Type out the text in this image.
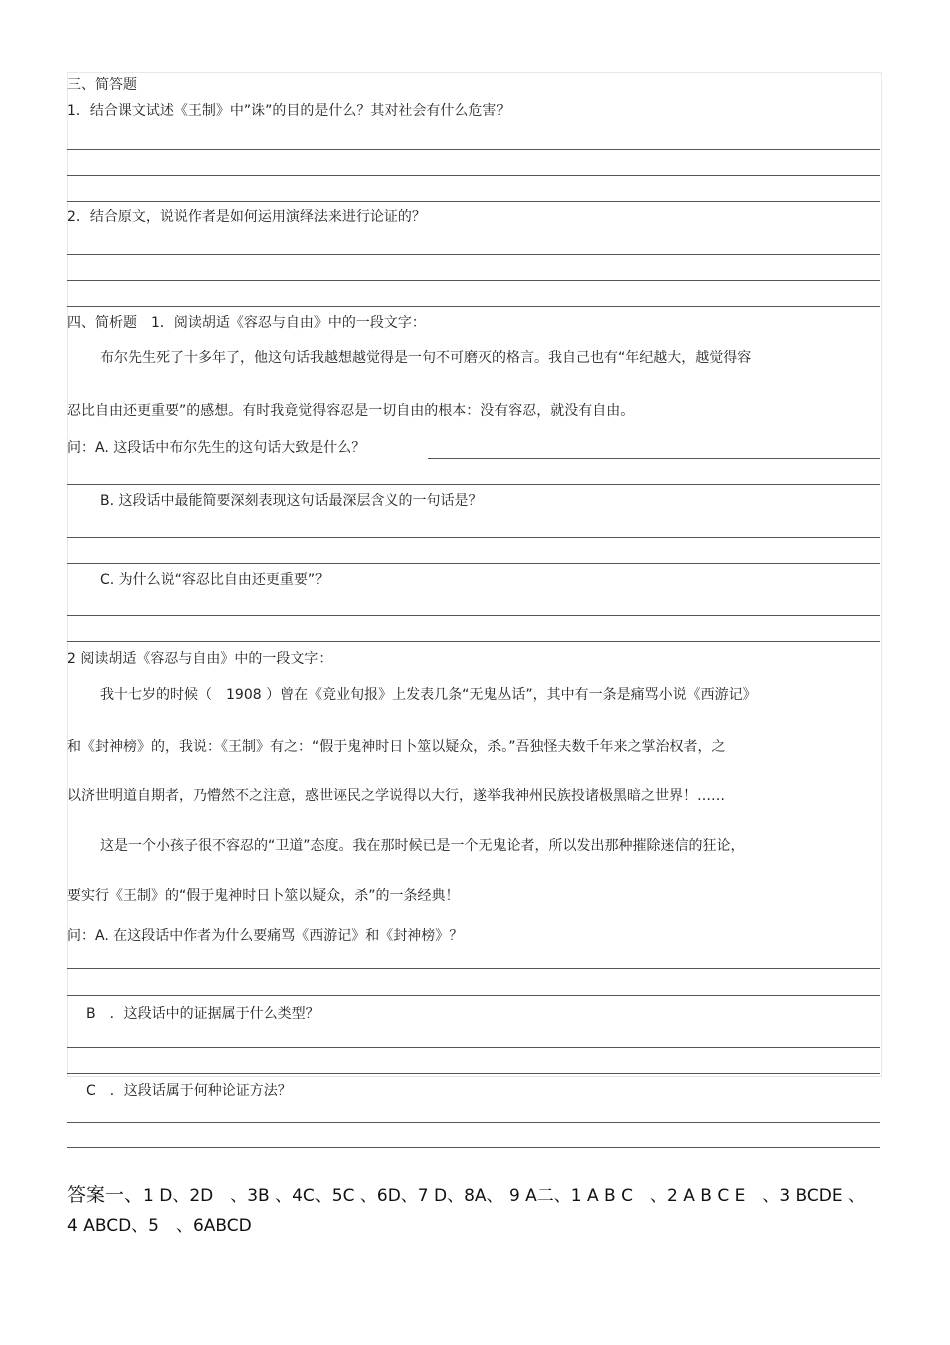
三、简答题
1．结合课文试述《王制》中”诛”的目的是什么？其对社会有什么危害？
2．结合原文，说说作者是如何运用演绎法来进行论证的？
四、简析题　1．阅读胡适《容忍与自由》中的一段文字：
布尔先生死了十多年了，他这句话我越想越觉得是一句不可磨灭的格言。我自己也有“年纪越大，越觉得容
忍比自由还更重要”的感想。有时我竟觉得容忍是一切自由的根本：没有容忍，就没有自由。
问：A. 这段话中布尔先生的这句话大致是什么？
B. 这段话中最能简要深刻表现这句话最深层含义的一句话是？
C. 为什么说“容忍比自由还更重要”？
2 阅读胡适《容忍与自由》中的一段文字：
我十七岁的时候（　1908 ）曾在《竞业旬报》上发表几条“无鬼丛话”，其中有一条是痛骂小说《西游记》
和《封神榜》的，我说：《王制》有之：“假于鬼神时日卜筮以疑众，杀。”吾独怪夫数千年来之掌治权者，之
以济世明道自期者，乃懵然不之注意，惑世诬民之学说得以大行，遂举我神州民族投诸极黑暗之世界！……
这是一个小孩子很不容忍的“卫道”态度。我在那时候已是一个无鬼论者，所以发出那种摧除迷信的狂论，
要实行《王制》的“假于鬼神时日卜筮以疑众，杀”的一条经典！
问：A. 在这段话中作者为什么要痛骂《西游记》和《封神榜》？
B　．这段话中的证据属于什么类型？
C　．这段话属于何种论证方法？
答案一、1 D、2D　、3B 、4C、5C 、6D、7 D、8A、 9 A二、1 A B C　、2 A B C E　、3 BCDE 、
4 ABCD、5　、6ABCD
